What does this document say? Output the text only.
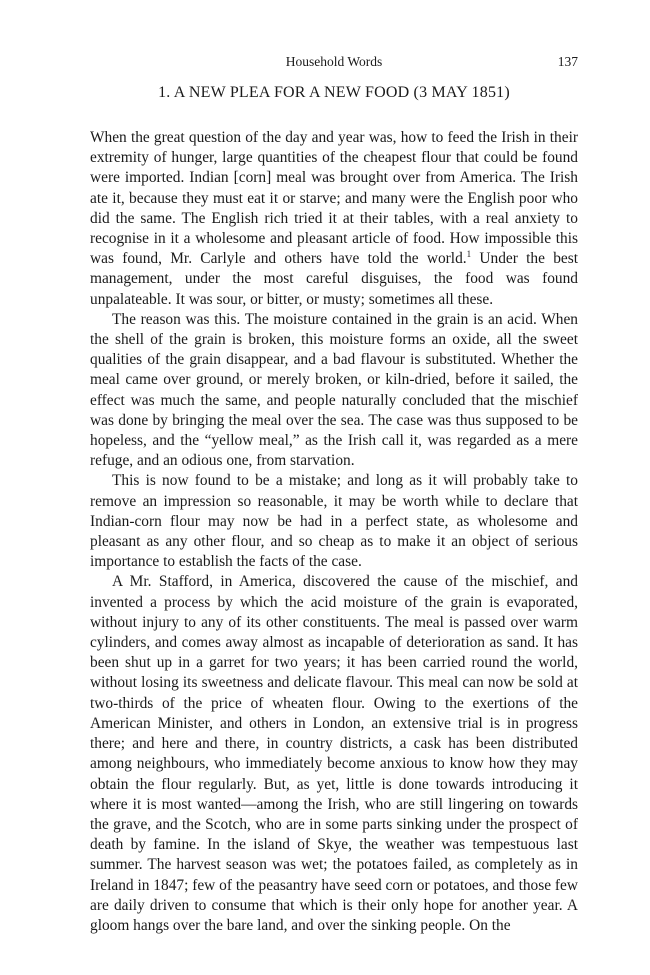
Household Words	137
1. A NEW PLEA FOR A NEW FOOD (3 MAY 1851)

When the great question of the day and year was, how to feed the Irish in their extremity of hunger, large quantities of the cheapest flour that could be found were imported. Indian [corn] meal was brought over from America. The Irish ate it, because they must eat it or starve; and many were the English poor who did the same. The English rich tried it at their tables, with a real anxiety to recognise in it a wholesome and pleasant article of food. How impossible this was found, Mr. Carlyle and others have told the world.$^1$ Under the best management, under the most careful disguises, the food was found unpalateable. It was sour, or bitter, or musty; sometimes all these.

The reason was this. The moisture contained in the grain is an acid. When the shell of the grain is broken, this moisture forms an oxide, all the sweet qualities of the grain disappear, and a bad flavour is substituted. Whether the meal came over ground, or merely broken, or kiln-dried, before it sailed, the effect was much the same, and people naturally concluded that the mischief was done by bringing the meal over the sea. The case was thus supposed to be hopeless, and the “yellow meal,” as the Irish call it, was regarded as a mere refuge, and an odious one, from starvation.

This is now found to be a mistake; and long as it will probably take to remove an impression so reasonable, it may be worth while to declare that Indian-corn flour may now be had in a perfect state, as wholesome and pleasant as any other flour, and so cheap as to make it an object of serious importance to establish the facts of the case.

A Mr. Stafford, in America, discovered the cause of the mischief, and invented a process by which the acid moisture of the grain is evaporated, without injury to any of its other constituents. The meal is passed over warm cylinders, and comes away almost as incapable of deterioration as sand. It has been shut up in a garret for two years; it has been carried round the world, without losing its sweetness and delicate flavour. This meal can now be sold at two-thirds of the price of wheaten flour. Owing to the exertions of the American Minister, and others in London, an extensive trial is in progress there; and here and there, in country districts, a cask has been distributed among neighbours, who immediately become anxious to know how they may obtain the flour regularly. But, as yet, little is done towards introducing it where it is most wanted—among the Irish, who are still lingering on towards the grave, and the Scotch, who are in some parts sinking under the prospect of death by famine. In the island of Skye, the weather was tempestuous last summer. The harvest season was wet; the potatoes failed, as completely as in Ireland in 1847; few of the peasantry have seed corn or potatoes, and those few are daily driven to consume that which is their only hope for another year. A gloom hangs over the bare land, and over the sinking people. On the
